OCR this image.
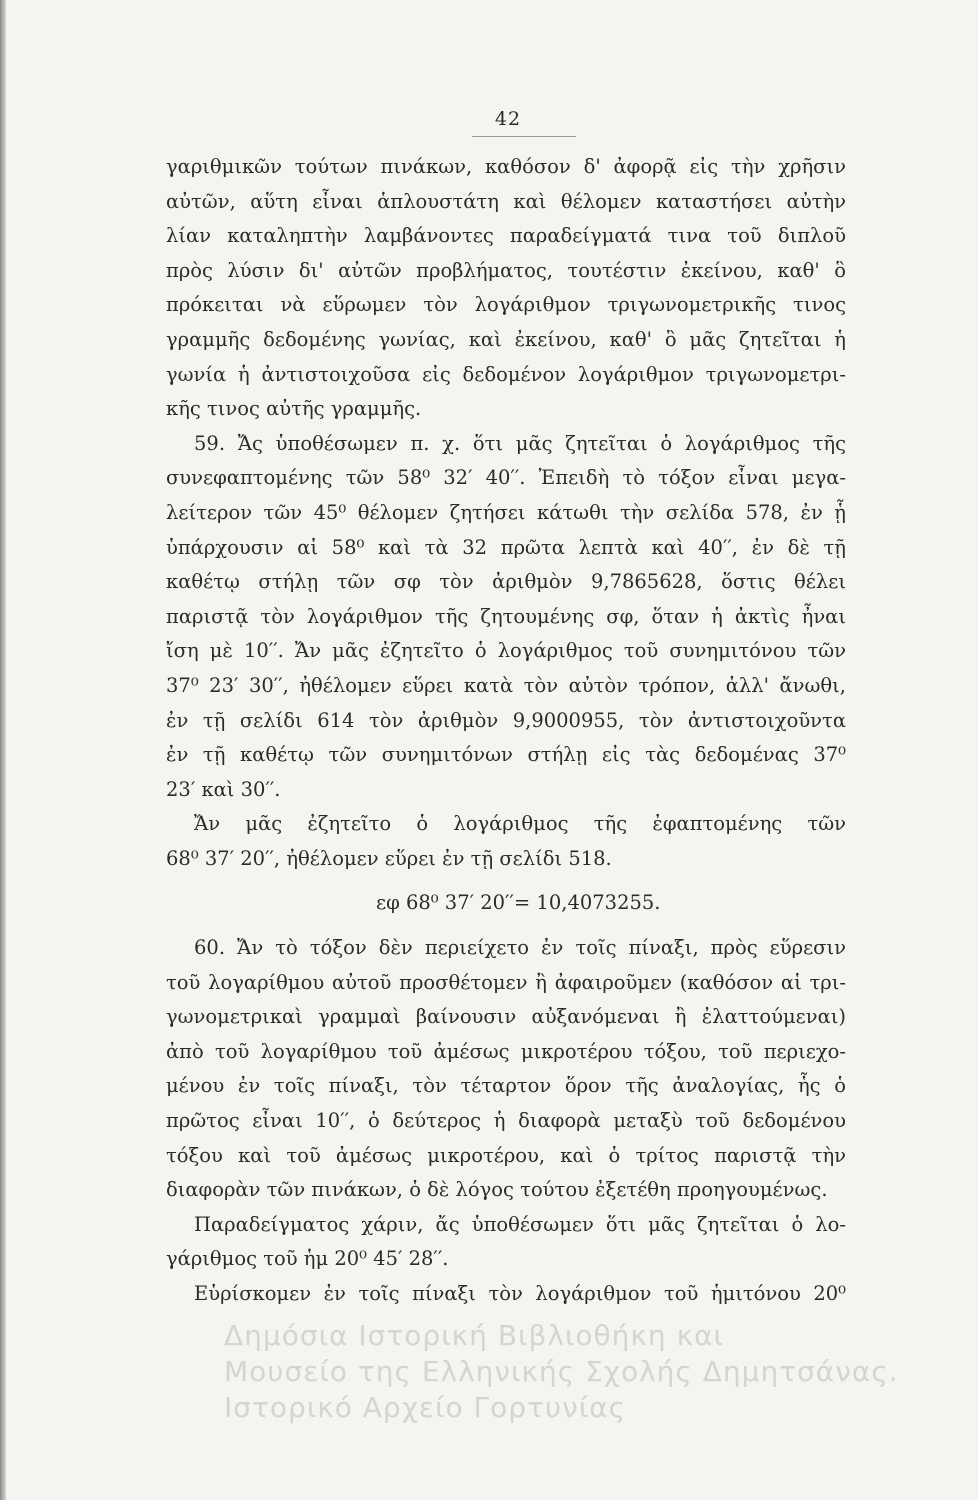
42
γαριθμικῶν τούτων πινάκων, καθόσον δ' ἀφορᾷ εἰς τὴν χρῆσιν
αὐτῶν, αὕτη εἶναι ἁπλουστάτη καὶ θέλομεν καταστήσει αὐτὴν
λίαν καταληπτὴν λαμβάνοντες παραδείγματά τινα τοῦ διπλοῦ
πρὸς λύσιν δι' αὐτῶν προβλήματος, τουτέστιν ἐκείνου, καθ' ὃ
πρόκειται νὰ εὕρωμεν τὸν λογάριθμον τριγωνομετρικῆς τινος
γραμμῆς δεδομένης γωνίας, καὶ ἐκείνου, καθ' ὃ μᾶς ζητεῖται ἡ
γωνία ἡ ἀντιστοιχοῦσα εἰς δεδομένον λογάριθμον τριγωνομετρι-
κῆς τινος αὐτῆς γραμμῆς.
59. Ἄς ὑποθέσωμεν π. χ. ὅτι μᾶς ζητεῖται ὁ λογάριθμος τῆς
συνεφαπτομένης τῶν 58⁰ 32′ 40′′. Ἐπειδὴ τὸ τόξον εἶναι μεγα-
λείτερον τῶν 45⁰ θέλομεν ζητήσει κάτωθι τὴν σελίδα 578, ἐν ᾗ
ὑπάρχουσιν αἱ 58⁰ καὶ τὰ 32 πρῶτα λεπτὰ καὶ 40′′, ἐν δὲ τῇ
καθέτῳ στήλῃ τῶν σφ τὸν ἀριθμὸν 9,7865628, ὅστις θέλει
παριστᾷ τὸν λογάριθμον τῆς ζητουμένης σφ, ὅταν ἡ ἀκτὶς ἦναι
ἴση μὲ 10′′. Ἄν μᾶς ἐζητεῖτο ὁ λογάριθμος τοῦ συνημιτόνου τῶν
37⁰ 23′ 30′′, ἠθέλομεν εὕρει κατὰ τὸν αὐτὸν τρόπον, ἀλλ' ἄνωθι,
ἐν τῇ σελίδι 614 τὸν ἀριθμὸν 9,9000955, τὸν ἀντιστοιχοῦντα
ἐν τῇ καθέτῳ τῶν συνημιτόνων στήλῃ εἰς τὰς δεδομένας 37⁰
23′ καὶ 30′′.
Ἄν μᾶς ἐζητεῖτο ὁ λογάριθμος τῆς ἐφαπτομένης τῶν
68⁰ 37′ 20′′, ἠθέλομεν εὕρει ἐν τῇ σελίδι 518.
εφ 68⁰ 37′ 20′′= 10,4073255.
60. Ἄν τὸ τόξον δὲν περιείχετο ἐν τοῖς πίναξι, πρὸς εὕρεσιν
τοῦ λογαρίθμου αὐτοῦ προσθέτομεν ἢ ἀφαιροῦμεν (καθόσον αἱ τρι-
γωνομετρικαὶ γραμμαὶ βαίνουσιν αὐξανόμεναι ἢ ἐλαττούμεναι)
ἀπὸ τοῦ λογαρίθμου τοῦ ἀμέσως μικροτέρου τόξου, τοῦ περιεχο-
μένου ἐν τοῖς πίναξι, τὸν τέταρτον ὅρον τῆς ἀναλογίας, ἧς ὁ
πρῶτος εἶναι 10′′, ὁ δεύτερος ἡ διαφορὰ μεταξὺ τοῦ δεδομένου
τόξου καὶ τοῦ ἀμέσως μικροτέρου, καὶ ὁ τρίτος παριστᾷ τὴν
διαφορὰν τῶν πινάκων, ὁ δὲ λόγος τούτου ἐξετέθη προηγουμένως.
Παραδείγματος χάριν, ἄς ὑποθέσωμεν ὅτι μᾶς ζητεῖται ὁ λο-
γάριθμος τοῦ ἡμ 20⁰ 45′ 28′′.
Εὑρίσκομεν ἐν τοῖς πίναξι τὸν λογάριθμον τοῦ ἡμιτόνου 20⁰
Δημόσια Ιστορική Βιβλιοθήκη και
Μουσείο της Ελληνικής Σχολής Δημητσάνας.
Ιστορικό Αρχείο Γορτυνίας
